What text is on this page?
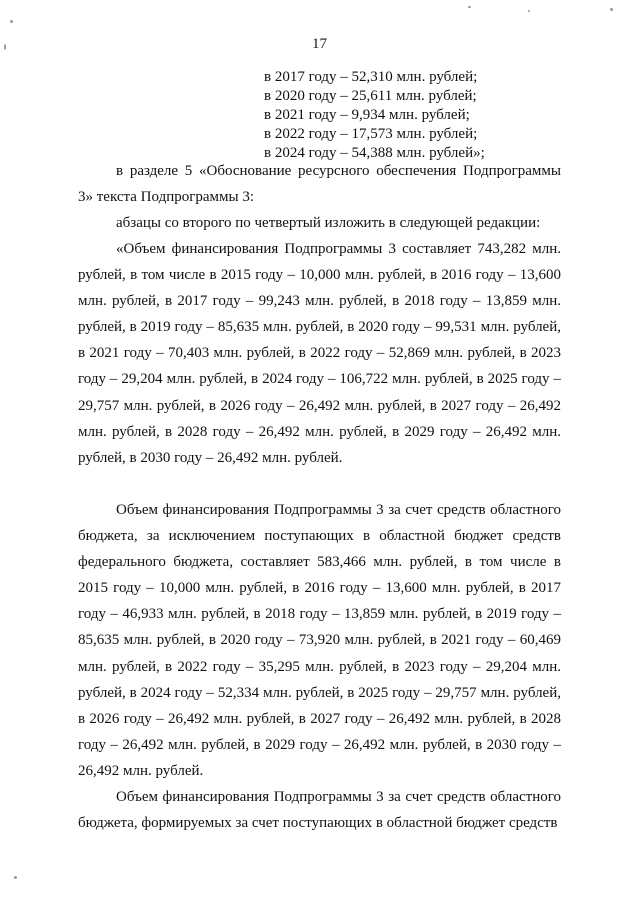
17
в 2017 году – 52,310 млн. рублей;
в 2020 году – 25,611 млн. рублей;
в 2021 году – 9,934 млн. рублей;
в 2022 году – 17,573 млн. рублей;
в 2024 году – 54,388 млн. рублей»;

в разделе 5 «Обоснование ресурсного обеспечения Подпрограммы 3» текста Подпрограммы 3:

абзацы со второго по четвертый изложить в следующей редакции:

«Объем финансирования Подпрограммы 3 составляет 743,282 млн. рублей, в том числе в 2015 году – 10,000 млн. рублей, в 2016 году – 13,600 млн. рублей, в 2017 году – 99,243 млн. рублей, в 2018 году – 13,859 млн. рублей, в 2019 году – 85,635 млн. рублей, в 2020 году – 99,531 млн. рублей, в 2021 году – 70,403 млн. рублей, в 2022 году – 52,869 млн. рублей, в 2023 году – 29,204 млн. рублей, в 2024 году – 106,722 млн. рублей, в 2025 году – 29,757 млн. рублей, в 2026 году – 26,492 млн. рублей, в 2027 году – 26,492 млн. рублей, в 2028 году – 26,492 млн. рублей, в 2029 году – 26,492 млн. рублей, в 2030 году – 26,492 млн. рублей.

Объем финансирования Подпрограммы 3 за счет средств областного бюджета, за исключением поступающих в областной бюджет средств федерального бюджета, составляет 583,466 млн. рублей, в том числе в 2015 году – 10,000 млн. рублей, в 2016 году – 13,600 млн. рублей, в 2017 году – 46,933 млн. рублей, в 2018 году – 13,859 млн. рублей, в 2019 году – 85,635 млн. рублей, в 2020 году – 73,920 млн. рублей, в 2021 году – 60,469 млн. рублей, в 2022 году – 35,295 млн. рублей, в 2023 году – 29,204 млн. рублей, в 2024 году – 52,334 млн. рублей, в 2025 году – 29,757 млн. рублей, в 2026 году – 26,492 млн. рублей, в 2027 году – 26,492 млн. рублей, в 2028 году – 26,492 млн. рублей, в 2029 году – 26,492 млн. рублей, в 2030 году – 26,492 млн. рублей.

Объем финансирования Подпрограммы 3 за счет средств областного бюджета, формируемых за счет поступающих в областной бюджет средств
